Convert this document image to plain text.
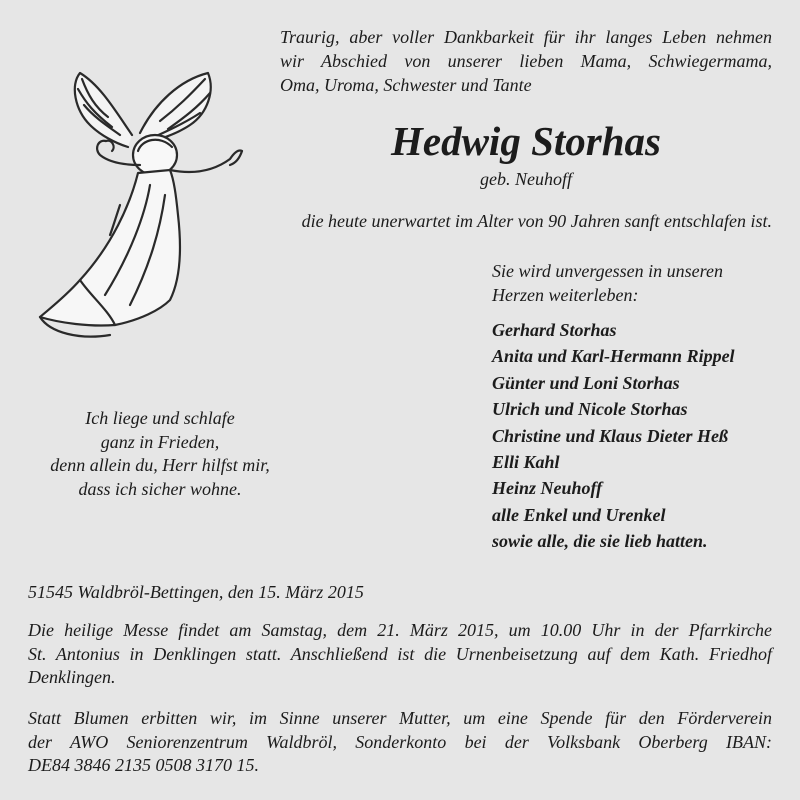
Traurig, aber voller Dankbarkeit für ihr langes Leben nehmen
wir Abschied von unserer lieben Mama, Schwiegermama,
Oma, Uroma, Schwester und Tante
Hedwig Storhas
geb. Neuhoff
die heute unerwartet im Alter von 90 Jahren sanft entschlafen ist.
Sie wird unvergessen in unseren
Herzen weiterleben:
Gerhard Storhas
Anita und Karl-Hermann Rippel
Günter und Loni Storhas
Ulrich und Nicole Storhas
Christine und Klaus Dieter Heß
Elli Kahl
Heinz Neuhoff
alle Enkel und Urenkel
sowie alle, die sie lieb hatten.
Ich liege und schlafe
ganz in Frieden,
denn allein du, Herr hilfst mir,
dass ich sicher wohne.
51545 Waldbröl-Bettingen, den 15. März 2015
Die heilige Messe findet am Samstag, dem 21. März 2015, um 10.00 Uhr in der Pfarrkirche
St. Antonius in Denklingen statt. Anschließend ist die Urnenbeisetzung auf dem Kath. Friedhof
Denklingen.
Statt Blumen erbitten wir, im Sinne unserer Mutter, um eine Spende für den Förderverein
der AWO Seniorenzentrum Waldbröl, Sonderkonto bei der Volksbank Oberberg IBAN:
DE84 3846 2135 0508 3170 15.
